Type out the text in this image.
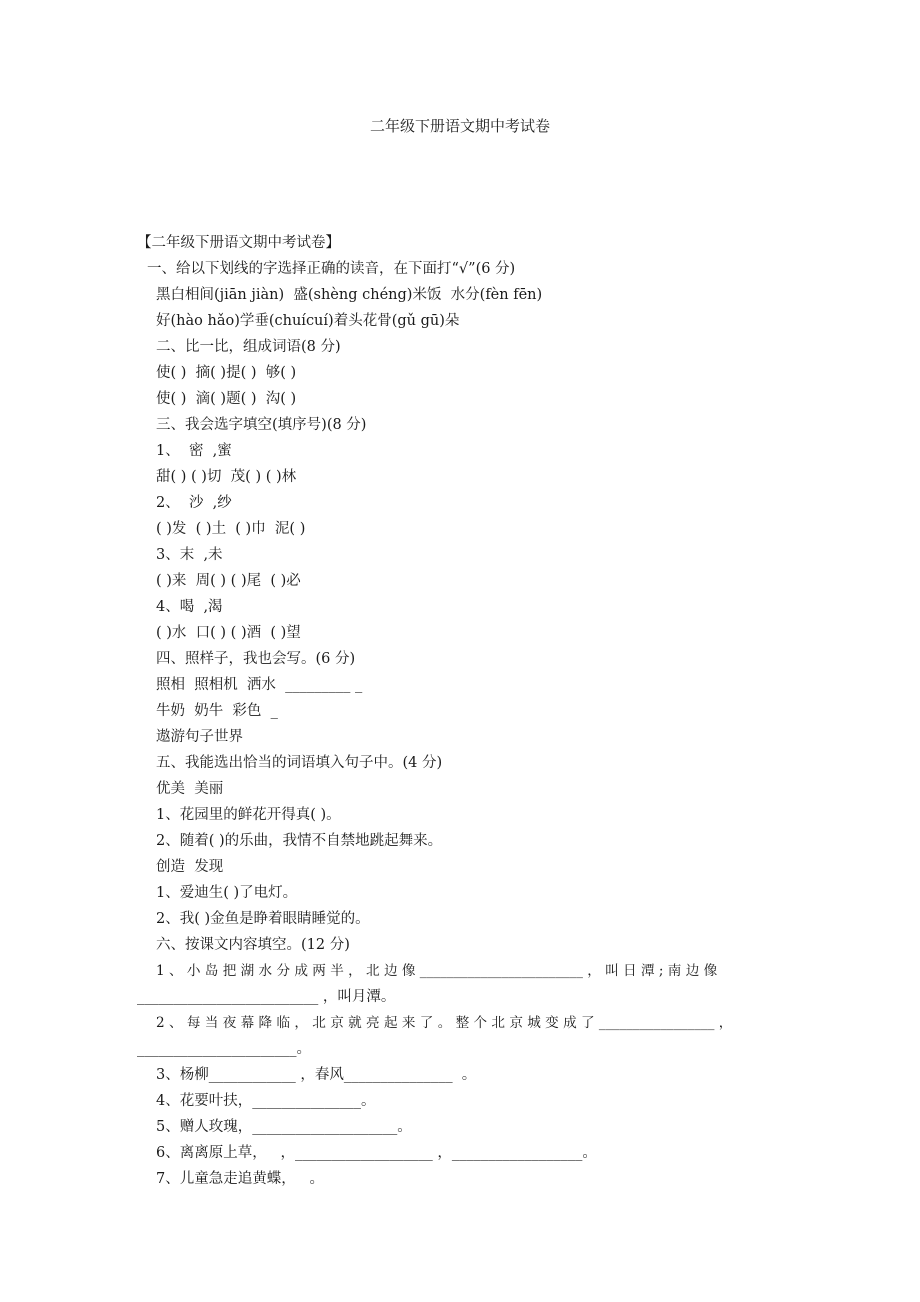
二年级下册语文期中考试卷
【二年级下册语文期中考试卷】
一、给以下划线的字选择正确的读音，在下面打“√”(6 分)
黑白相间(jiān jiàn)  盛(shèng chéng)米饭  水分(fèn fēn)
好(hào hǎo)学垂(chuícuí)着头花骨(gǔ gū)朵
二、比一比，组成词语(8 分)
使( )  摘( )提( )  够( )
使( )  滴( )题( )  沟( )
三、我会选字填空(填序号)(8 分)
1、  密  ,蜜
甜( ) ( )切  茂( ) ( )林
2、  沙  ,纱
( )发  ( )土  ( )巾  泥( )
3、末  ,未
( )来  周( ) ( )尾  ( )必
4、喝  ,渴
( )水  口( ) ( )酒  ( )望
四、照样子，我也会写。(6 分)
照相  照相机  洒水  _________ _
牛奶  奶牛  彩色  _
遨游句子世界
五、我能选出恰当的词语填入句子中。(4 分)
优美  美丽
1、花园里的鲜花开得真( )。
2、随着( )的乐曲，我情不自禁地跳起舞来。
创造  发现
1、爱迪生( )了电灯。
2、我( )金鱼是睁着眼睛睡觉的。
六、按课文内容填空。(12 分)
1 、 小 岛 把 湖 水 分 成 两 半 ， 北 边 像 ________________________ ， 叫 日 潭 ; 南 边 像
_________________________ ，叫月潭。
2 、 每 当 夜 幕 降 临 ， 北 京 就 亮 起 来 了 。 整 个 北 京 城 变 成 了 _________________ ，
______________________。
3、杨柳____________ ，春风_______________  。
4、花要叶扶，_______________。
5、赠人玫瑰，____________________。
6、离离原上草，   ，___________________ ，__________________。
7、儿童急走追黄蝶，   。
